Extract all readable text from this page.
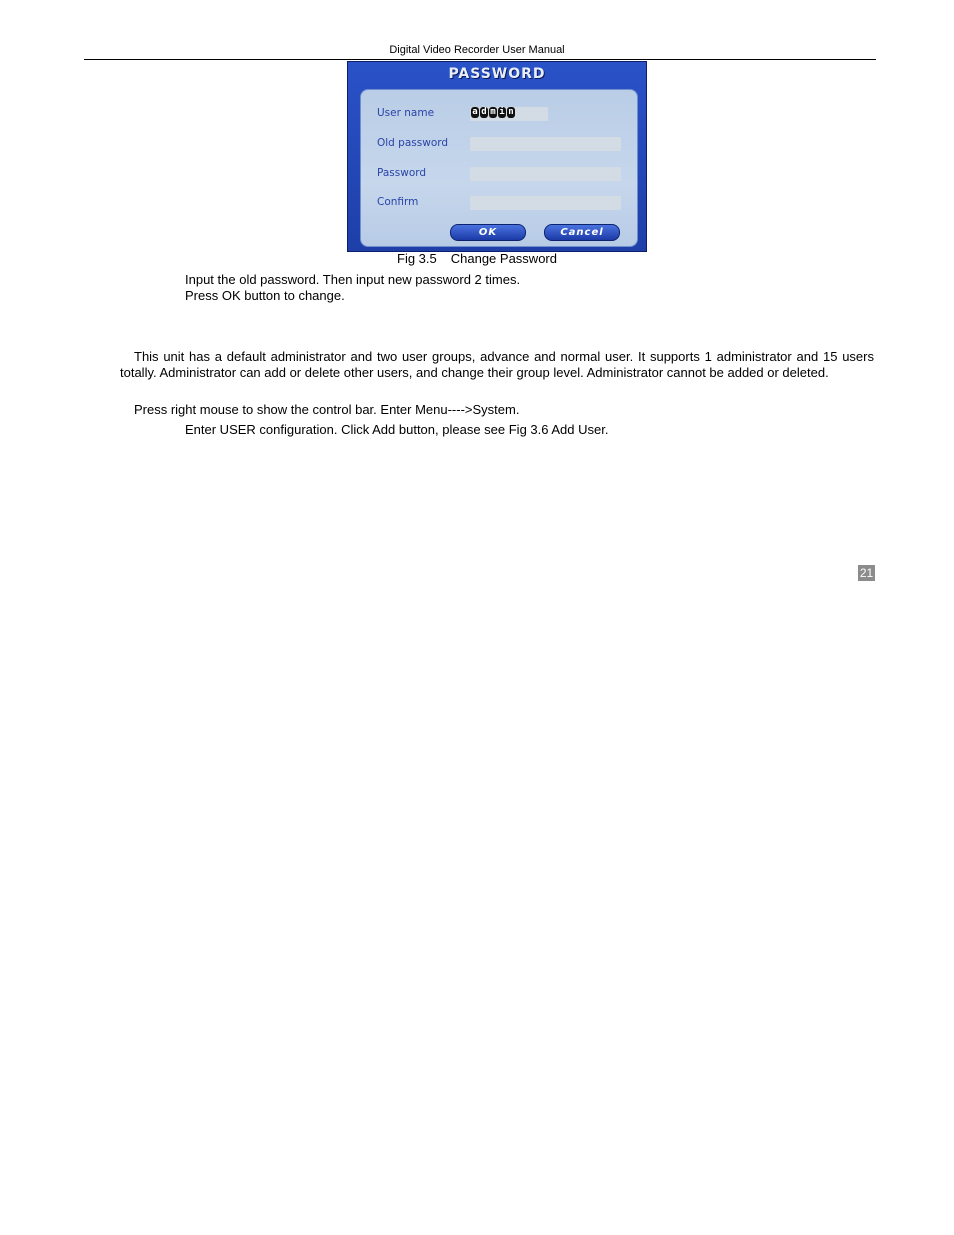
Digital Video Recorder User Manual
PASSWORD
User name	a d m i n
Old password
Password
Confirm
OK	Cancel
Fig 3.5 Change Password
Input the old password. Then input new password 2 times.
Press OK button to change.
This unit has a default administrator and two user groups, advance and normal user. It supports 1 administrator and 15 users totally. Administrator can add or delete other users, and change their group level. Administrator cannot be added or deleted.
Press right mouse to show the control bar. Enter Menu---->System.
Enter USER configuration. Click Add button, please see Fig 3.6 Add User.
21
